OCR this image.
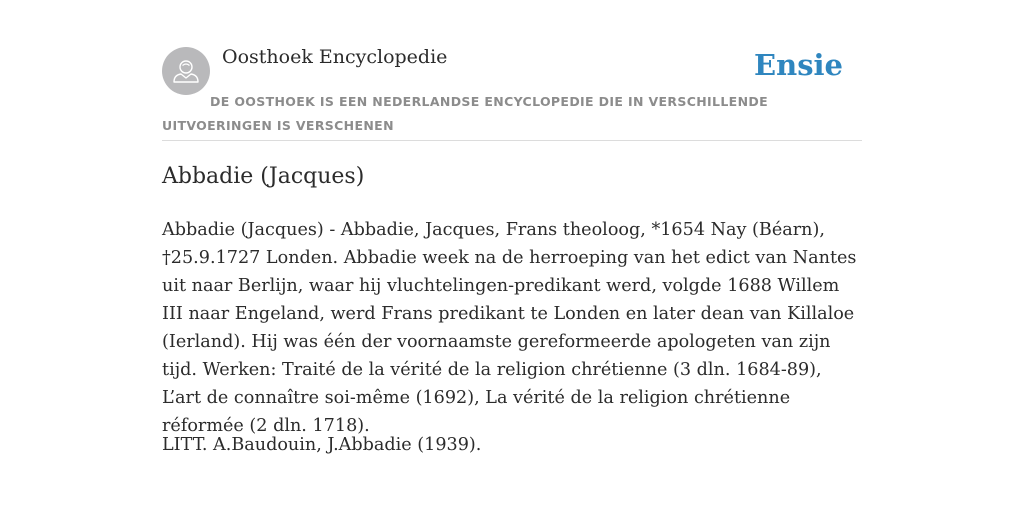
Oosthoek Encyclopedie	Ensie
DE OOSTHOEK IS EEN NEDERLANDSE ENCYCLOPEDIE DIE IN VERSCHILLENDE UITVOERINGEN IS VERSCHENEN
Abbadie (Jacques)

Abbadie (Jacques) - Abbadie, Jacques, Frans theoloog, *1654 Nay (Béarn), †25.9.1727 Londen. Abbadie week na de herroeping van het edict van Nantes uit naar Berlijn, waar hij vluchtelingen-predikant werd, volgde 1688 Willem III naar Engeland, werd Frans predikant te Londen en later dean van Killaloe (Ierland). Hij was één der voornaamste gereformeerde apologeten van zijn tijd. Werken: Traité de la vérité de la religion chrétienne (3 dln. 1684-89), L’art de connaître soi-même (1692), La vérité de la religion chrétienne réformée (2 dln. 1718).

LITT. A.Baudouin, J.Abbadie (1939).
